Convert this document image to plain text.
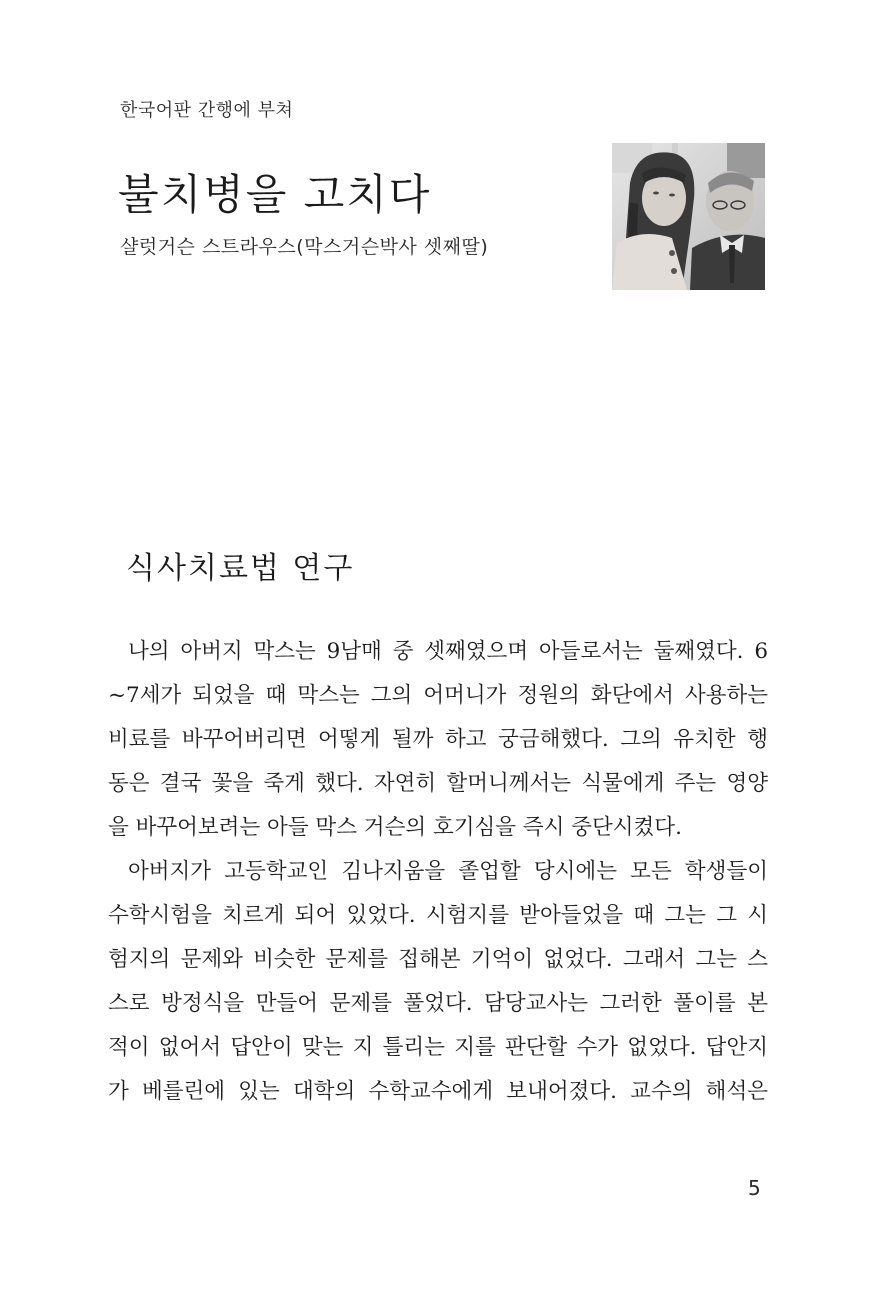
한국어판 간행에 부쳐
불치병을 고치다
샬럿거슨 스트라우스(막스거슨박사 셋째딸)
식사치료법 연구
나의 아버지 막스는 9남매 중 셋째였으며 아들로서는 둘째였다. 6
~7세가 되었을 때 막스는 그의 어머니가 정원의 화단에서 사용하는
비료를 바꾸어버리면 어떻게 될까 하고 궁금해했다. 그의 유치한 행
동은 결국 꽃을 죽게 했다. 자연히 할머니께서는 식물에게 주는 영양
을 바꾸어보려는 아들 막스 거슨의 호기심을 즉시 중단시켰다.
아버지가 고등학교인 김나지움을 졸업할 당시에는 모든 학생들이
수학시험을 치르게 되어 있었다. 시험지를 받아들었을 때 그는 그 시
험지의 문제와 비슷한 문제를 접해본 기억이 없었다. 그래서 그는 스
스로 방정식을 만들어 문제를 풀었다. 담당교사는 그러한 풀이를 본
적이 없어서 답안이 맞는 지 틀리는 지를 판단할 수가 없었다. 답안지
가 베를린에 있는 대학의 수학교수에게 보내어졌다. 교수의 해석은
5
